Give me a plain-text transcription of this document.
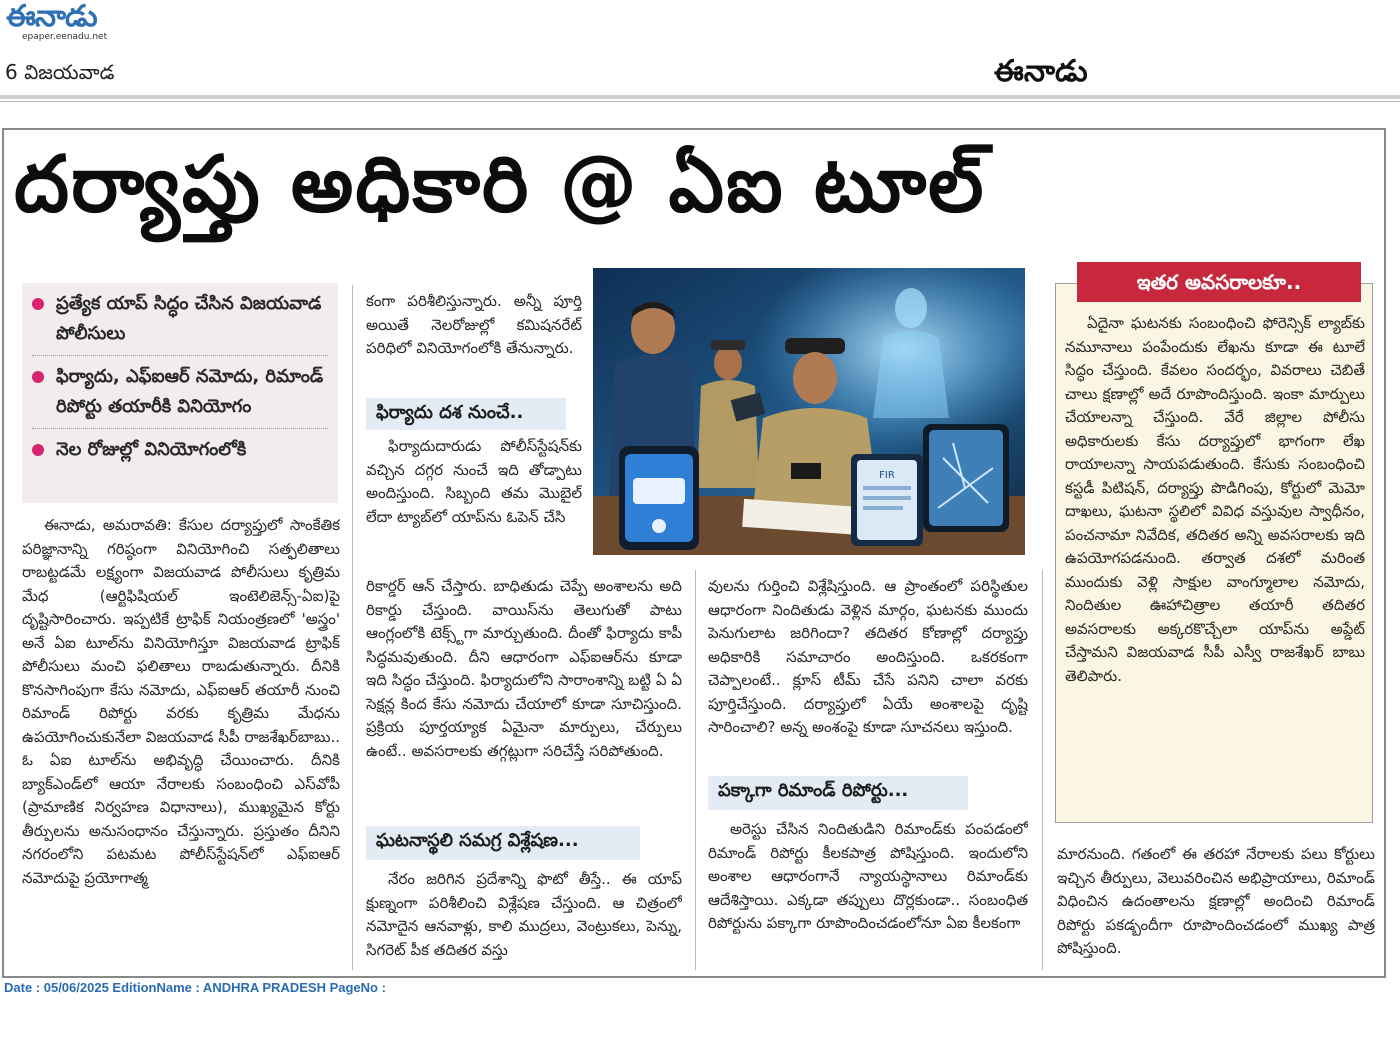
ఈనాడు
epaper.eenadu.net
6 విజయవాడ	ఈనాడు
దర్యాప్తు అధికారి @ ఏఐ టూల్
ప్రత్యేక యాప్ సిద్ధం చేసిన విజయవాడ పోలీసులు
ఫిర్యాదు, ఎఫ్ఐఆర్ నమోదు, రిమాండ్ రిపోర్టు తయారీకి వినియోగం
నెల రోజుల్లో వినియోగంలోకి

ఈనాడు, అమరావతి: కేసుల దర్యాప్తులో సాంకేతిక పరిజ్ఞానాన్ని గరిష్ఠంగా వినియోగించి సత్ఫలితాలు రాబట్టడమే లక్ష్యంగా విజయవాడ పోలీసులు కృత్రిమ మేధ (ఆర్టిఫిషియల్ ఇంటెలిజెన్స్-ఏఐ)పై దృష్టిసారించారు. ఇప్పటికే ట్రాఫిక్ నియంత్రణలో 'అస్త్రం' అనే ఏఐ టూల్‌ను వినియోగిస్తూ విజయవాడ ట్రాఫిక్ పోలీసులు మంచి ఫలితాలు రాబడుతున్నారు. దీనికి కొనసాగింపుగా కేసు నమోదు, ఎఫ్ఐఆర్ తయారీ నుంచి రిమాండ్ రిపోర్టు వరకు కృత్రిమ మేధను ఉపయోగించుకునేలా విజయవాడ సీపీ రాజశేఖర్‌బాబు.. ఓ ఏఐ టూల్‌ను అభివృద్ధి చేయించారు. దీనికి బ్యాక్‌ఎండ్‌లో ఆయా నేరాలకు సంబంధించి ఎస్‌వోపీ (ప్రామాణిక నిర్వహణ విధానాలు), ముఖ్యమైన కోర్టు తీర్పులను అనుసంధానం చేస్తున్నారు. ప్రస్తుతం దీనిని నగరంలోని పటమట పోలీస్‌స్టేషన్‌లో ఎఫ్ఐఆర్ నమోదుపై ప్రయోగాత్మ

కంగా పరిశీలిస్తున్నారు. అన్నీ పూర్తి అయితే నెలరోజుల్లో కమిషనరేట్ పరిధిలో వినియోగంలోకి తేనున్నారు.

ఫిర్యాదు దశ నుంచే..

ఫిర్యాదుదారుడు పోలీస్‌స్టేషన్‌కు వచ్చిన దగ్గర నుంచే ఇది తోడ్పాటు అందిస్తుంది. సిబ్బంది తమ మొబైల్ లేదా ట్యాబ్‌లో యాప్‌ను ఓపెన్ చేసి

రికార్డర్ ఆన్ చేస్తారు. బాధితుడు చెప్పే అంశాలను అది రికార్డు చేస్తుంది. వాయిస్‌ను తెలుగుతో పాటు ఆంగ్లంలోకి టెక్స్ట్‌గా మార్చుతుంది. దీంతో ఫిర్యాదు కాపీ సిద్ధమవుతుంది. దీని ఆధారంగా ఎఫ్ఐఆర్‌ను కూడా ఇది సిద్ధం చేస్తుంది. ఫిర్యాదులోని సారాంశాన్ని బట్టి ఏ ఏ సెక్షన్ల కింద కేసు నమోదు చేయాలో కూడా సూచిస్తుంది. ప్రక్రియ పూర్తయ్యాక ఏమైనా మార్పులు, చేర్పులు ఉంటే.. అవసరాలకు తగ్గట్లుగా సరిచేస్తే సరిపోతుంది.

ఘటనాస్థలి సమగ్ర విశ్లేషణ...

నేరం జరిగిన ప్రదేశాన్ని ఫొటో తీస్తే.. ఈ యాప్ క్షుణ్నంగా పరిశీలించి విశ్లేషణ చేస్తుంది. ఆ చిత్రంలో నమోదైన ఆనవాళ్లు, కాలి ముద్రలు, వెంట్రుకలు, పెన్ను, సిగరెట్ పీక తదితర వస్తు

వులను గుర్తించి విశ్లేషిస్తుంది. ఆ ప్రాంతంలో పరిస్థితుల ఆధారంగా నిందితుడు వెళ్లిన మార్గం, ఘటనకు ముందు పెనుగులాట జరిగిందా? తదితర కోణాల్లో దర్యాప్తు అధికారికి సమాచారం అందిస్తుంది. ఒకరకంగా చెప్పాలంటే.. క్లూస్ టీమ్ చేసే పనిని చాలా వరకు పూర్తిచేస్తుంది. దర్యాప్తులో ఏయే అంశాలపై దృష్టి సారించాలి? అన్న అంశంపై కూడా సూచనలు ఇస్తుంది.

పక్కాగా రిమాండ్ రిపోర్టు...

అరెస్టు చేసిన నిందితుడిని రిమాండ్‌కు పంపడంలో రిమాండ్ రిపోర్టు కీలకపాత్ర పోషిస్తుంది. ఇందులోని అంశాల ఆధారంగానే న్యాయస్థానాలు రిమాండ్‌కు ఆదేశిస్తాయి. ఎక్కడా తప్పులు దొర్లకుండా.. సంబంధిత రిపోర్టును పక్కాగా రూపొందించడంలోనూ ఏఐ కీలకంగా

ఇతర అవసరాలకూ..

ఏదైనా ఘటనకు సంబంధించి ఫోరెన్సిక్ ల్యాబ్‌కు నమూనాలు పంపేందుకు లేఖను కూడా ఈ టూలే సిద్ధం చేస్తుంది. కేవలం సందర్భం, వివరాలు చెబితే చాలు క్షణాల్లో అదే రూపొందిస్తుంది. ఇంకా మార్పులు చేయాలన్నా చేస్తుంది. వేరే జిల్లాల పోలీసు అధికారులకు కేసు దర్యాప్తులో భాగంగా లేఖ రాయాలన్నా సాయపడుతుంది. కేసుకు సంబంధించి కస్టడీ పిటిషన్, దర్యాప్తు పొడిగింపు, కోర్టులో మెమో దాఖలు, ఘటనా స్థలిలో వివిధ వస్తువుల స్వాధీనం, పంచనామా నివేదిక, తదితర అన్ని అవసరాలకు ఇది ఉపయోగపడనుంది. తర్వాత దశలో మరింత ముందుకు వెళ్లి సాక్షుల వాంగ్మూలాల నమోదు, నిందితుల ఊహాచిత్రాల తయారీ తదితర అవసరాలకు అక్కరకొచ్చేలా యాప్‌ను అప్డేట్ చేస్తామని విజయవాడ సీపీ ఎస్వీ రాజశేఖర్ బాబు తెలిపారు.

మారనుంది. గతంలో ఈ తరహా నేరాలకు పలు కోర్టులు ఇచ్చిన తీర్పులు, వెలువరించిన అభిప్రాయాలు, రిమాండ్ విధించిన ఉదంతాలను క్షణాల్లో అందించి రిమాండ్ రిపోర్టు పకడ్బందీగా రూపొందించడంలో ముఖ్య పాత్ర పోషిస్తుంది.

FIR
Date : 05/06/2025 EditionName : ANDHRA PRADESH PageNo :
